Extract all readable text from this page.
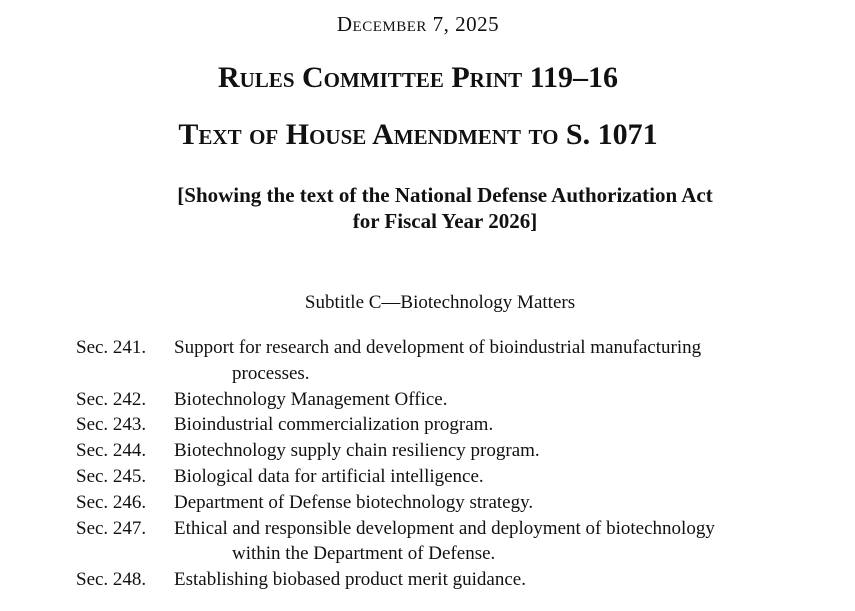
December 7, 2025
Rules Committee Print 119–16
Text of House Amendment to S. 1071
[Showing the text of the National Defense Authorization Act
for Fiscal Year 2026]
Subtitle C—Biotechnology Matters
Sec. 241.	Support for research and development of bioindustrial manufacturing
processes.
Sec. 242.	Biotechnology Management Office.
Sec. 243.	Bioindustrial commercialization program.
Sec. 244.	Biotechnology supply chain resiliency program.
Sec. 245.	Biological data for artificial intelligence.
Sec. 246.	Department of Defense biotechnology strategy.
Sec. 247.	Ethical and responsible development and deployment of biotechnology
within the Department of Defense.
Sec. 248.	Establishing biobased product merit guidance.
